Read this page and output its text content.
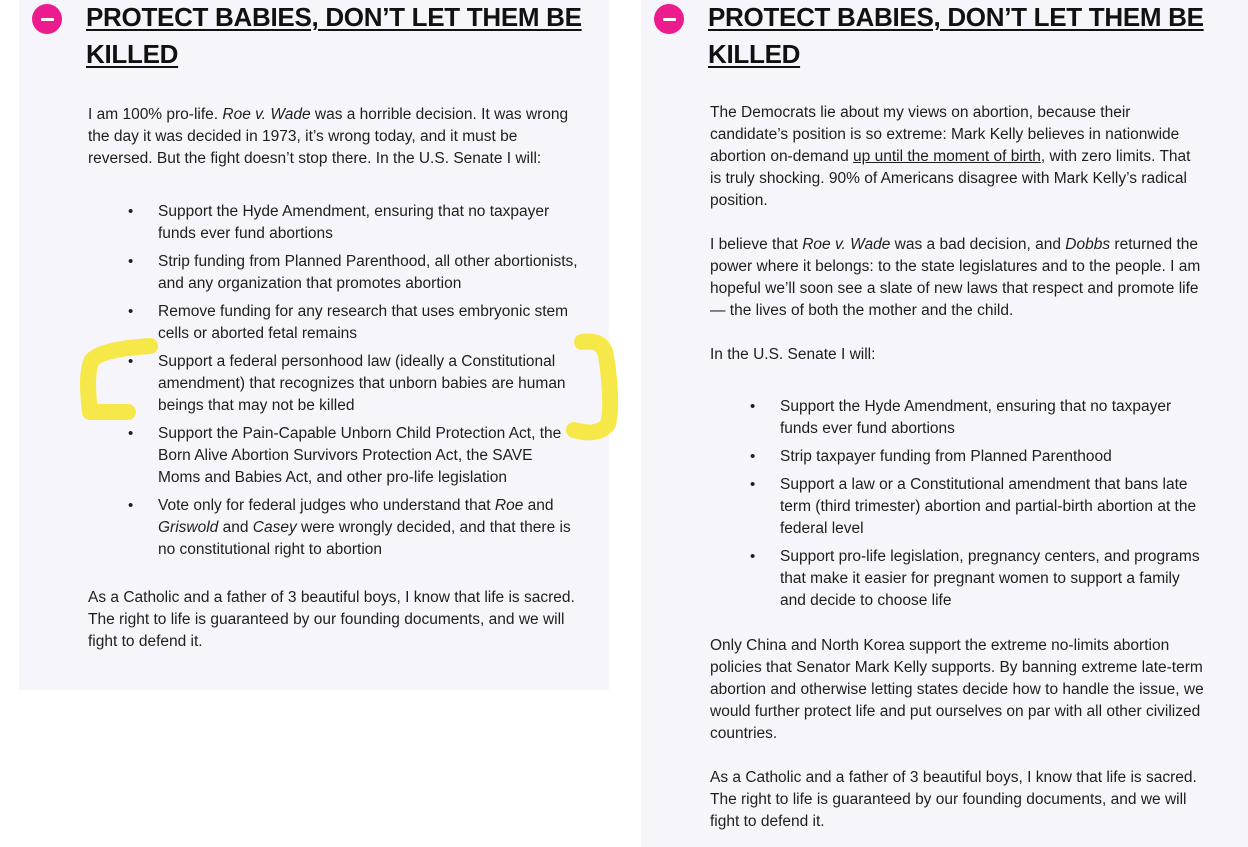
PROTECT BABIES, DON’T LET THEM BE KILLED

I am 100% pro-life. Roe v. Wade was a horrible decision. It was wrong the day it was decided in 1973, it’s wrong today, and it must be reversed. But the fight doesn’t stop there. In the U.S. Senate I will:

• Support the Hyde Amendment, ensuring that no taxpayer funds ever fund abortions
• Strip funding from Planned Parenthood, all other abortionists, and any organization that promotes abortion
• Remove funding for any research that uses embryonic stem cells or aborted fetal remains
• Support a federal personhood law (ideally a Constitutional amendment) that recognizes that unborn babies are human beings that may not be killed
• Support the Pain-Capable Unborn Child Protection Act, the Born Alive Abortion Survivors Protection Act, the SAVE Moms and Babies Act, and other pro-life legislation
• Vote only for federal judges who understand that Roe and Griswold and Casey were wrongly decided, and that there is no constitutional right to abortion

As a Catholic and a father of 3 beautiful boys, I know that life is sacred. The right to life is guaranteed by our founding documents, and we will fight to defend it.

PROTECT BABIES, DON’T LET THEM BE KILLED

The Democrats lie about my views on abortion, because their candidate’s position is so extreme: Mark Kelly believes in nationwide abortion on-demand up until the moment of birth, with zero limits. That is truly shocking. 90% of Americans disagree with Mark Kelly’s radical position.

I believe that Roe v. Wade was a bad decision, and Dobbs returned the power where it belongs: to the state legislatures and to the people. I am hopeful we’ll soon see a slate of new laws that respect and promote life — the lives of both the mother and the child.

In the U.S. Senate I will:

• Support the Hyde Amendment, ensuring that no taxpayer funds ever fund abortions
• Strip taxpayer funding from Planned Parenthood
• Support a law or a Constitutional amendment that bans late term (third trimester) abortion and partial-birth abortion at the federal level
• Support pro-life legislation, pregnancy centers, and programs that make it easier for pregnant women to support a family and decide to choose life

Only China and North Korea support the extreme no-limits abortion policies that Senator Mark Kelly supports. By banning extreme late-term abortion and otherwise letting states decide how to handle the issue, we would further protect life and put ourselves on par with all other civilized countries.

As a Catholic and a father of 3 beautiful boys, I know that life is sacred. The right to life is guaranteed by our founding documents, and we will fight to defend it.
